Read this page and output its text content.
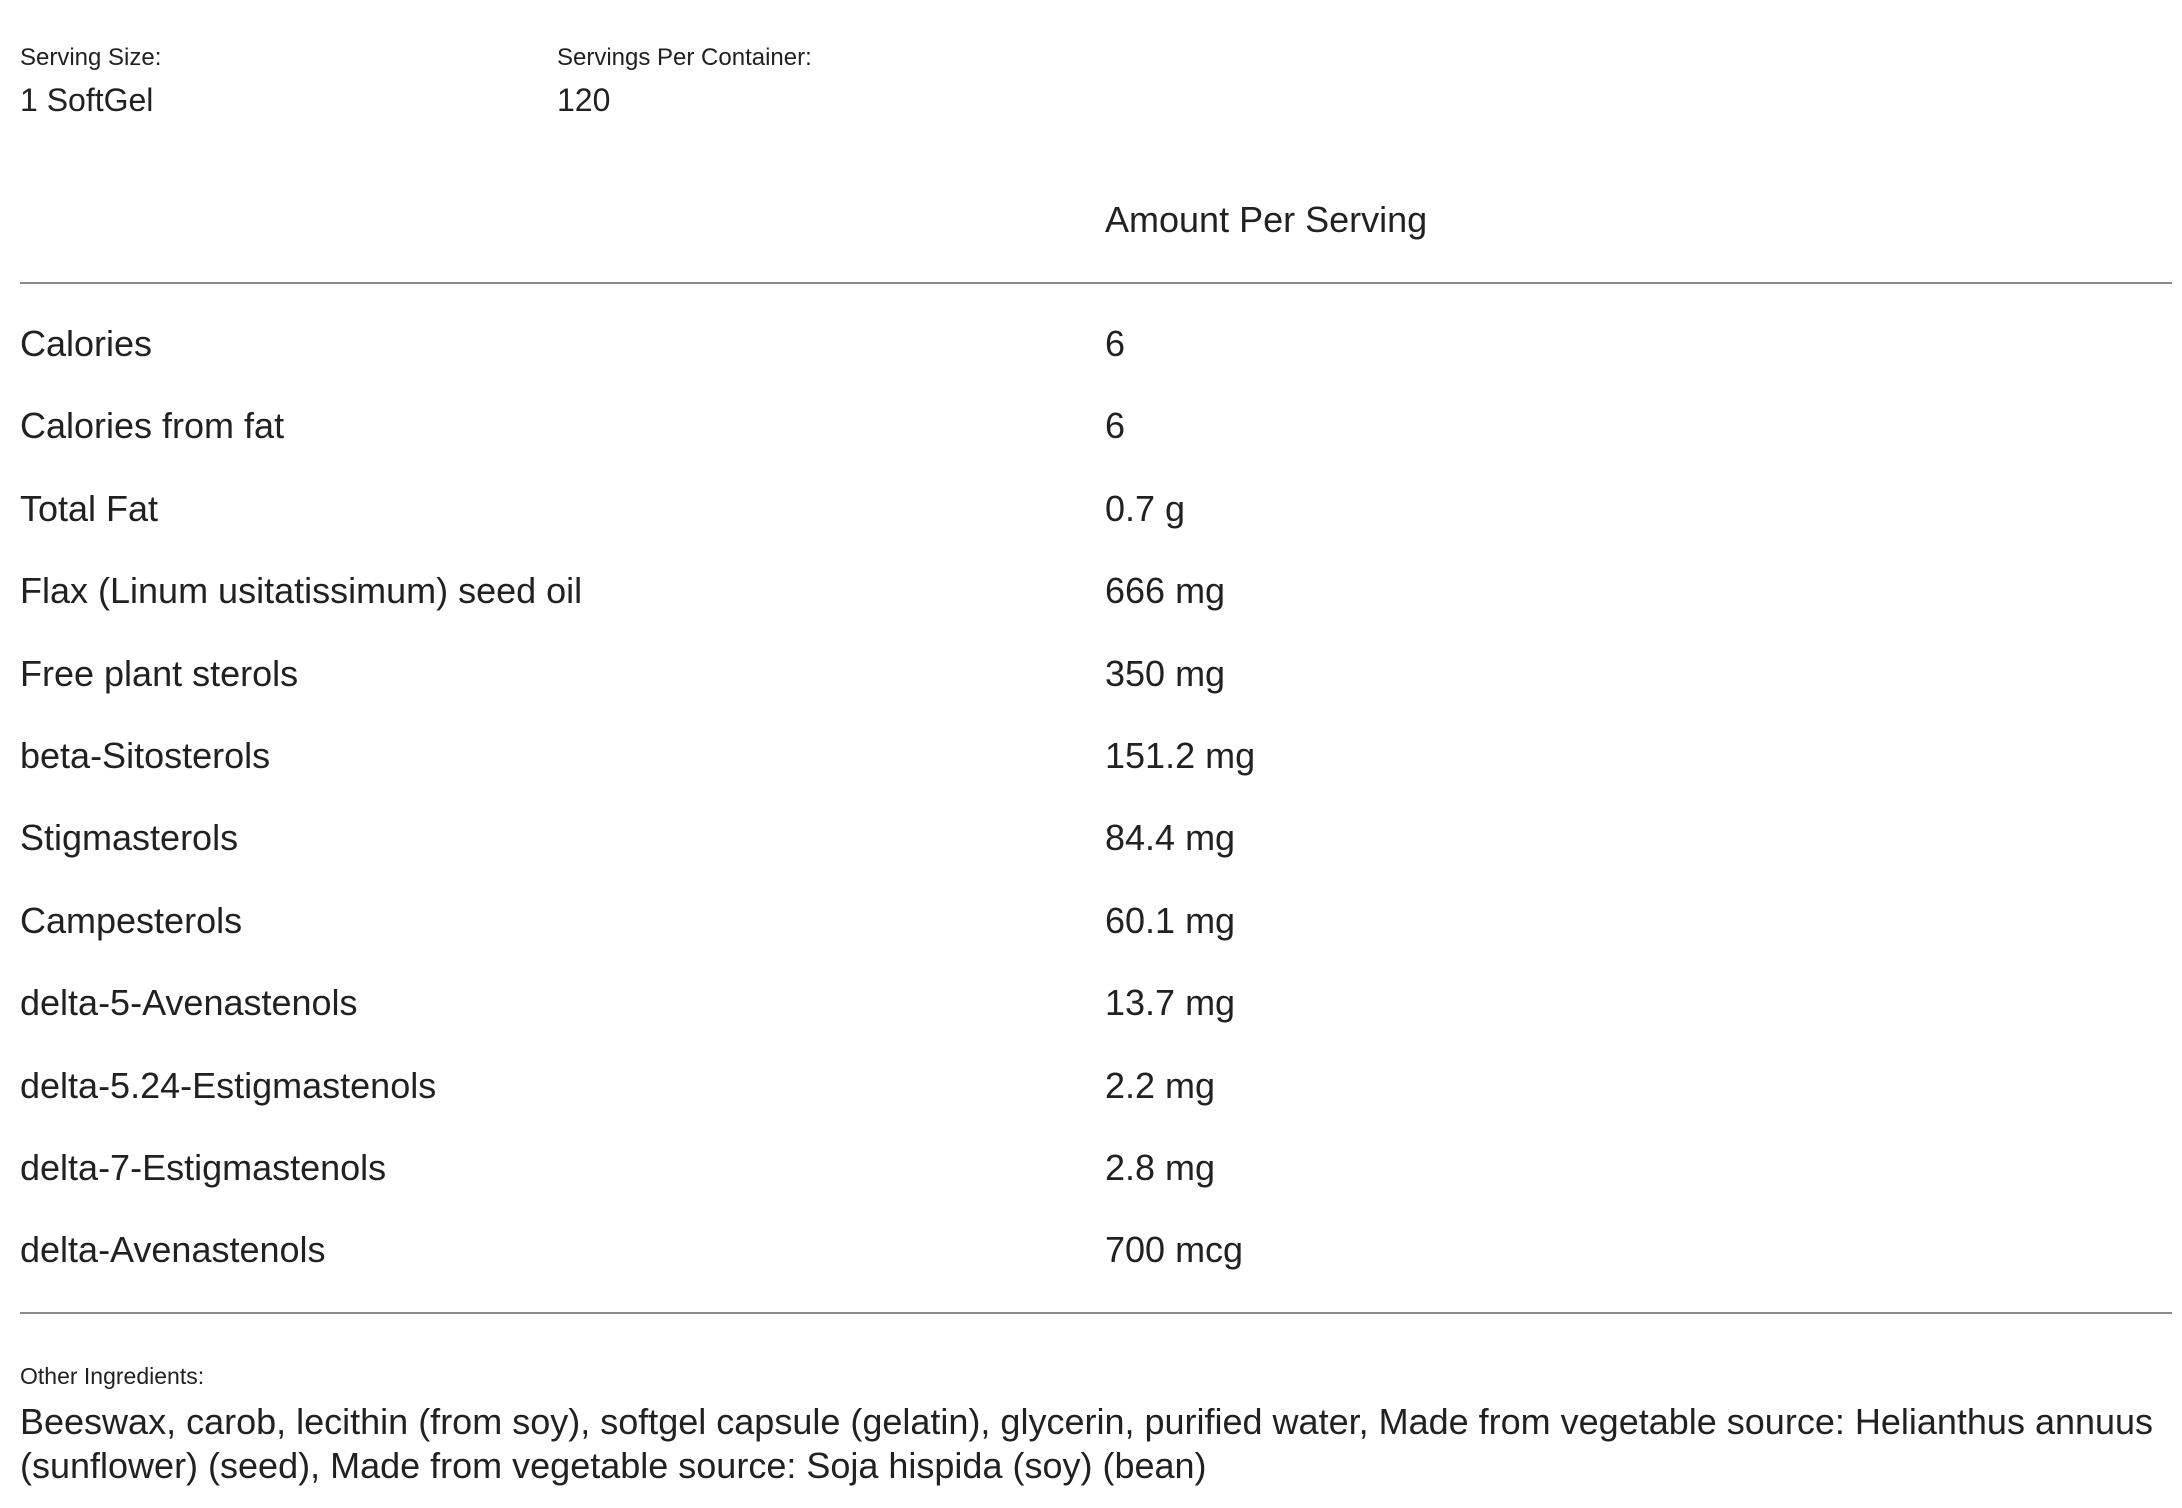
Serving Size:
1 SoftGel
Servings Per Container:
120
Amount Per Serving
Calories	6
Calories from fat	6
Total Fat	0.7 g
Flax (Linum usitatissimum) seed oil	666 mg
Free plant sterols	350 mg
beta-Sitosterols	151.2 mg
Stigmasterols	84.4 mg
Campesterols	60.1 mg
delta-5-Avenastenols	13.7 mg
delta-5.24-Estigmastenols	2.2 mg
delta-7-Estigmastenols	2.8 mg
delta-Avenastenols	700 mcg
Other Ingredients:
Beeswax, carob, lecithin (from soy), softgel capsule (gelatin), glycerin, purified water, Made from vegetable source: Helianthus annuus (sunflower) (seed), Made from vegetable source: Soja hispida (soy) (bean)
